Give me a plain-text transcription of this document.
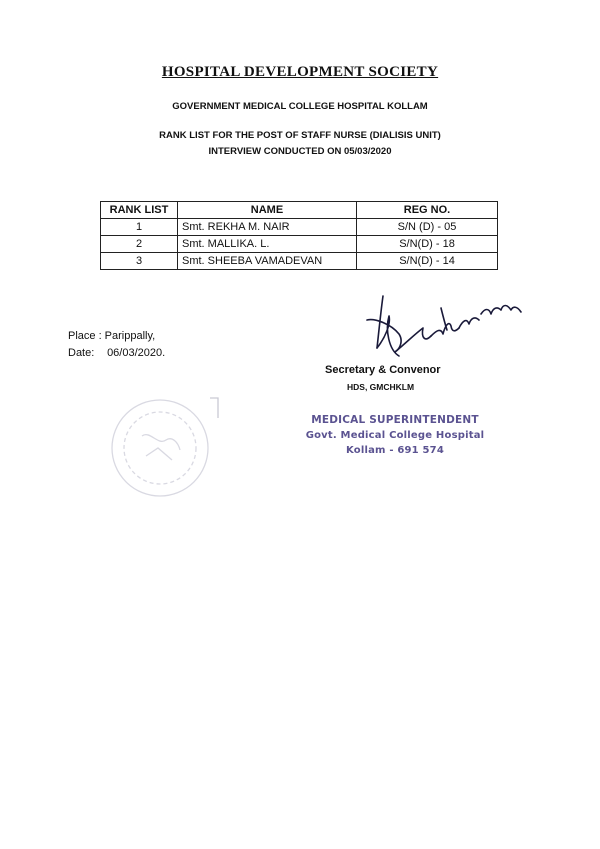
HOSPITAL DEVELOPMENT SOCIETY
GOVERNMENT MEDICAL COLLEGE HOSPITAL KOLLAM
RANK LIST FOR THE POST OF STAFF NURSE (DIALISIS UNIT)
INTERVIEW CONDUCTED ON 05/03/2020
RANK LIST	NAME	REG NO.
1	Smt. REKHA M. NAIR	S/N (D) - 05
2	Smt. MALLIKA. L.	S/N(D) - 18
3	Smt. SHEEBA VAMADEVAN	S/N(D) - 14
Place : Parippally,
Date: 06/03/2020.
Secretary & Convenor
HDS, GMCHKLM
MEDICAL SUPERINTENDENT
Govt. Medical College Hospital
Kollam - 691 574
